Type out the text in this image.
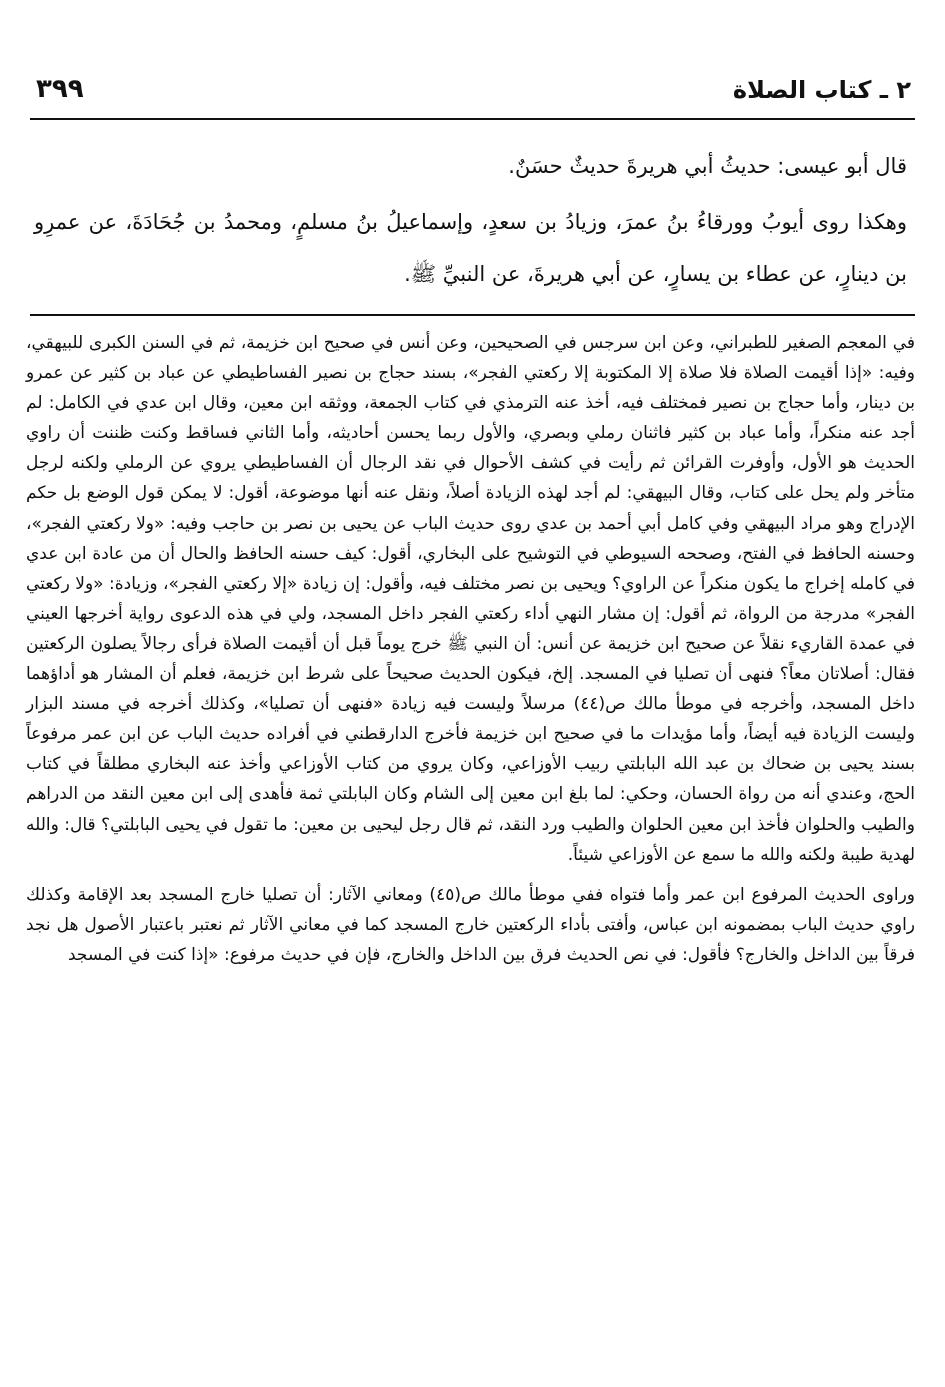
٢ ـ كتاب الصلاة
٣٩٩

قال أبو عيسى: حديثُ أبي هريرةَ حديثٌ حسَنٌ.

وهكذا روى أيوبُ وورقاءُ بنُ عمرَ، وزيادُ بن سعدٍ، وإسماعيلُ بنُ مسلمٍ، ومحمدُ بن جُحَادَةَ، عن عمرِو بن دينارٍ، عن عطاء بن يسارٍ، عن أبي هريرةَ، عن النبيِّ ﷺ.

في المعجم الصغير للطبراني، وعن ابن سرجس في الصحيحين، وعن أنس في صحيح ابن خزيمة، ثم في السنن الكبرى للبيهقي، وفيه: «إذا أقيمت الصلاة فلا صلاة إلا المكتوبة إلا ركعتي الفجر»، بسند حجاج بن نصير الفساطيطي عن عباد بن كثير عن عمرو بن دينار، وأما حجاج بن نصير فمختلف فيه، أخذ عنه الترمذي في كتاب الجمعة، ووثقه ابن معين، وقال ابن عدي في الكامل: لم أجد عنه منكراً، وأما عباد بن كثير فاثنان رملي وبصري، والأول ربما يحسن أحاديثه، وأما الثاني فساقط وكنت ظننت أن راوي الحديث هو الأول، وأوفرت القرائن ثم رأيت في كشف الأحوال في نقد الرجال أن الفساطيطي يروي عن الرملي ولكنه لرجل متأخر ولم يحل على كتاب، وقال البيهقي: لم أجد لهذه الزيادة أصلاً، ونقل عنه أنها موضوعة، أقول: لا يمكن قول الوضع بل حكم الإدراج وهو مراد البيهقي وفي كامل أبي أحمد بن عدي روى حديث الباب عن يحيى بن نصر بن حاجب وفيه: «ولا ركعتي الفجر»، وحسنه الحافظ في الفتح، وصححه السيوطي في التوشيح على البخاري، أقول: كيف حسنه الحافظ والحال أن من عادة ابن عدي في كامله إخراج ما يكون منكراً عن الراوي؟ ويحيى بن نصر مختلف فيه، وأقول: إن زيادة «إلا ركعتي الفجر»، وزيادة: «ولا ركعتي الفجر» مدرجة من الرواة، ثم أقول: إن مشار النهي أداء ركعتي الفجر داخل المسجد، ولي في هذه الدعوى رواية أخرجها العيني في عمدة القاريء نقلاً عن صحيح ابن خزيمة عن أنس: أن النبي ﷺ خرج يوماً قبل أن أقيمت الصلاة فرأى رجالاً يصلون الركعتين فقال: أصلاتان معاً؟ فنهى أن تصليا في المسجد. إلخ، فيكون الحديث صحيحاً على شرط ابن خزيمة، فعلم أن المشار هو أداؤهما داخل المسجد، وأخرجه في موطأ مالك ص(٤٤) مرسلاً وليست فيه زيادة «فنهى أن تصليا»، وكذلك أخرجه في مسند البزار وليست الزيادة فيه أيضاً، وأما مؤيدات ما في صحيح ابن خزيمة فأخرج الدارقطني في أفراده حديث الباب عن ابن عمر مرفوعاً بسند يحيى بن ضحاك بن عبد الله البابلتي ربيب الأوزاعي، وكان يروي من كتاب الأوزاعي وأخذ عنه البخاري مطلقاً في كتاب الحج، وعندي أنه من رواة الحسان، وحكي: لما بلغ ابن معين إلى الشام وكان البابلتي ثمة فأهدى إلى ابن معين النقد من الدراهم والطيب والحلوان فأخذ ابن معين الحلوان والطيب ورد النقد، ثم قال رجل ليحيى بن معين: ما تقول في يحيى البابلتي؟ قال: والله لهدية طيبة ولكنه والله ما سمع عن الأوزاعي شيئاً.

وراوى الحديث المرفوع ابن عمر وأما فتواه ففي موطأ مالك ص(٤٥) ومعاني الآثار: أن تصليا خارج المسجد بعد الإقامة وكذلك راوي حديث الباب بمضمونه ابن عباس، وأفتى بأداء الركعتين خارج المسجد كما في معاني الآثار ثم نعتبر باعتبار الأصول هل نجد فرقاً بين الداخل والخارج؟ فأقول: في نص الحديث فرق بين الداخل والخارج، فإن في حديث مرفوع: «إذا كنت في المسجد
